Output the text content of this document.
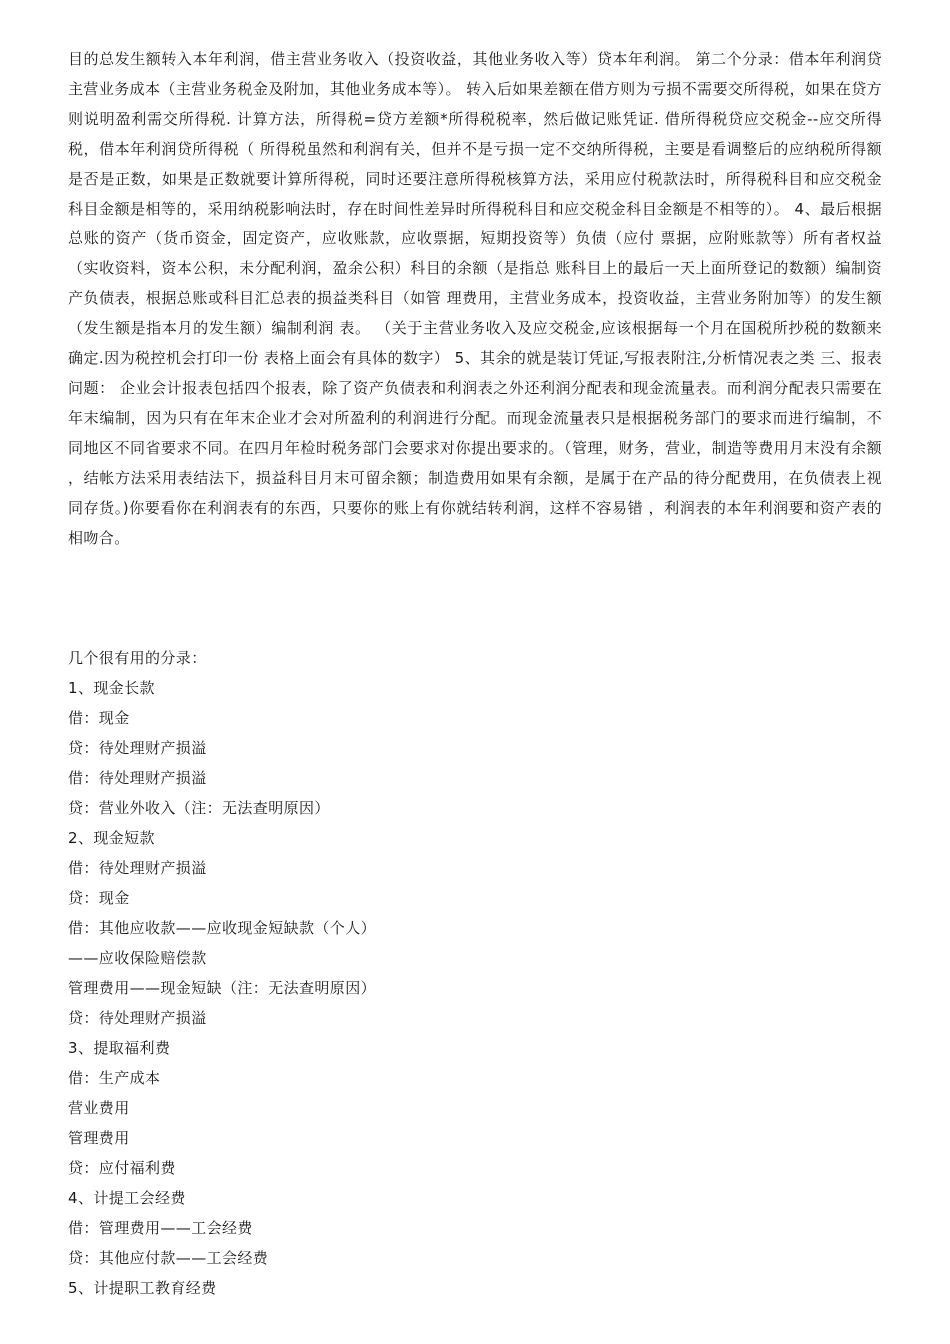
目的总发生额转入本年利润，借主营业务收入（投资收益，其他业务收入等）贷本年利润。 第二个分录：借本年利润贷主营业务成本（主营业务税金及附加，其他业务成本等）。 转入后如果差额在借方则为亏损不需要交所得税，如果在贷方则说明盈利需交所得税. 计算方法，所得税=贷方差额*所得税税率，然后做记账凭证. 借所得税贷应交税金--应交所得税，借本年利润贷所得税（ 所得税虽然和利润有关，但并不是亏损一定不交纳所得税，主要是看调整后的应纳税所得额是否是正数，如果是正数就要计算所得税，同时还要注意所得税核算方法，采用应付税款法时，所得税科目和应交税金科目金额是相等的，采用纳税影响法时，存在时间性差异时所得税科目和应交税金科目金额是不相等的）。 4、最后根据总账的资产（货币资金，固定资产，应收账款，应收票据，短期投资等）负债（应付 票据，应附账款等）所有者权益（实收资料，资本公积，未分配利润，盈余公积）科目的余额（是指总 账科目上的最后一天上面所登记的数额）编制资产负债表，根据总账或科目汇总表的损益类科目（如管 理费用，主营业务成本，投资收益，主营业务附加等）的发生额（发生额是指本月的发生额）编制利润 表。 （关于主营业务收入及应交税金,应该根据每一个月在国税所抄税的数额来确定.因为税控机会打印一份 表格上面会有具体的数字） 5、其余的就是装订凭证,写报表附注,分析情况表之类 三、报表问题： 企业会计报表包括四个报表，除了资产负债表和利润表之外还利润分配表和现金流量表。而利润分配表只需要在年末编制，因为只有在年末企业才会对所盈利的利润进行分配。而现金流量表只是根据税务部门的要求而进行编制，不同地区不同省要求不同。在四月年检时税务部门会要求对你提出要求的。（管理，财务，营业，制造等费用月末没有余额 ，结帐方法采用表结法下，损益科目月末可留余额；制造费用如果有余额，是属于在产品的待分配费用，在负债表上视同存货。)你要看你在利润表有的东西，只要你的账上有你就结转利润，这样不容易错 ，利润表的本年利润要和资产表的相吻合。

几个很有用的分录：
1、现金长款
借：现金
贷：待处理财产损溢
借：待处理财产损溢
贷：营业外收入（注：无法查明原因）
2、现金短款
借：待处理财产损溢
贷：现金
借：其他应收款——应收现金短缺款（个人）
——应收保险赔偿款
管理费用——现金短缺（注：无法查明原因）
贷：待处理财产损溢
3、提取福利费
借：生产成本
营业费用
管理费用
贷：应付福利费
4、计提工会经费
借：管理费用——工会经费
贷：其他应付款——工会经费
5、计提职工教育经费
